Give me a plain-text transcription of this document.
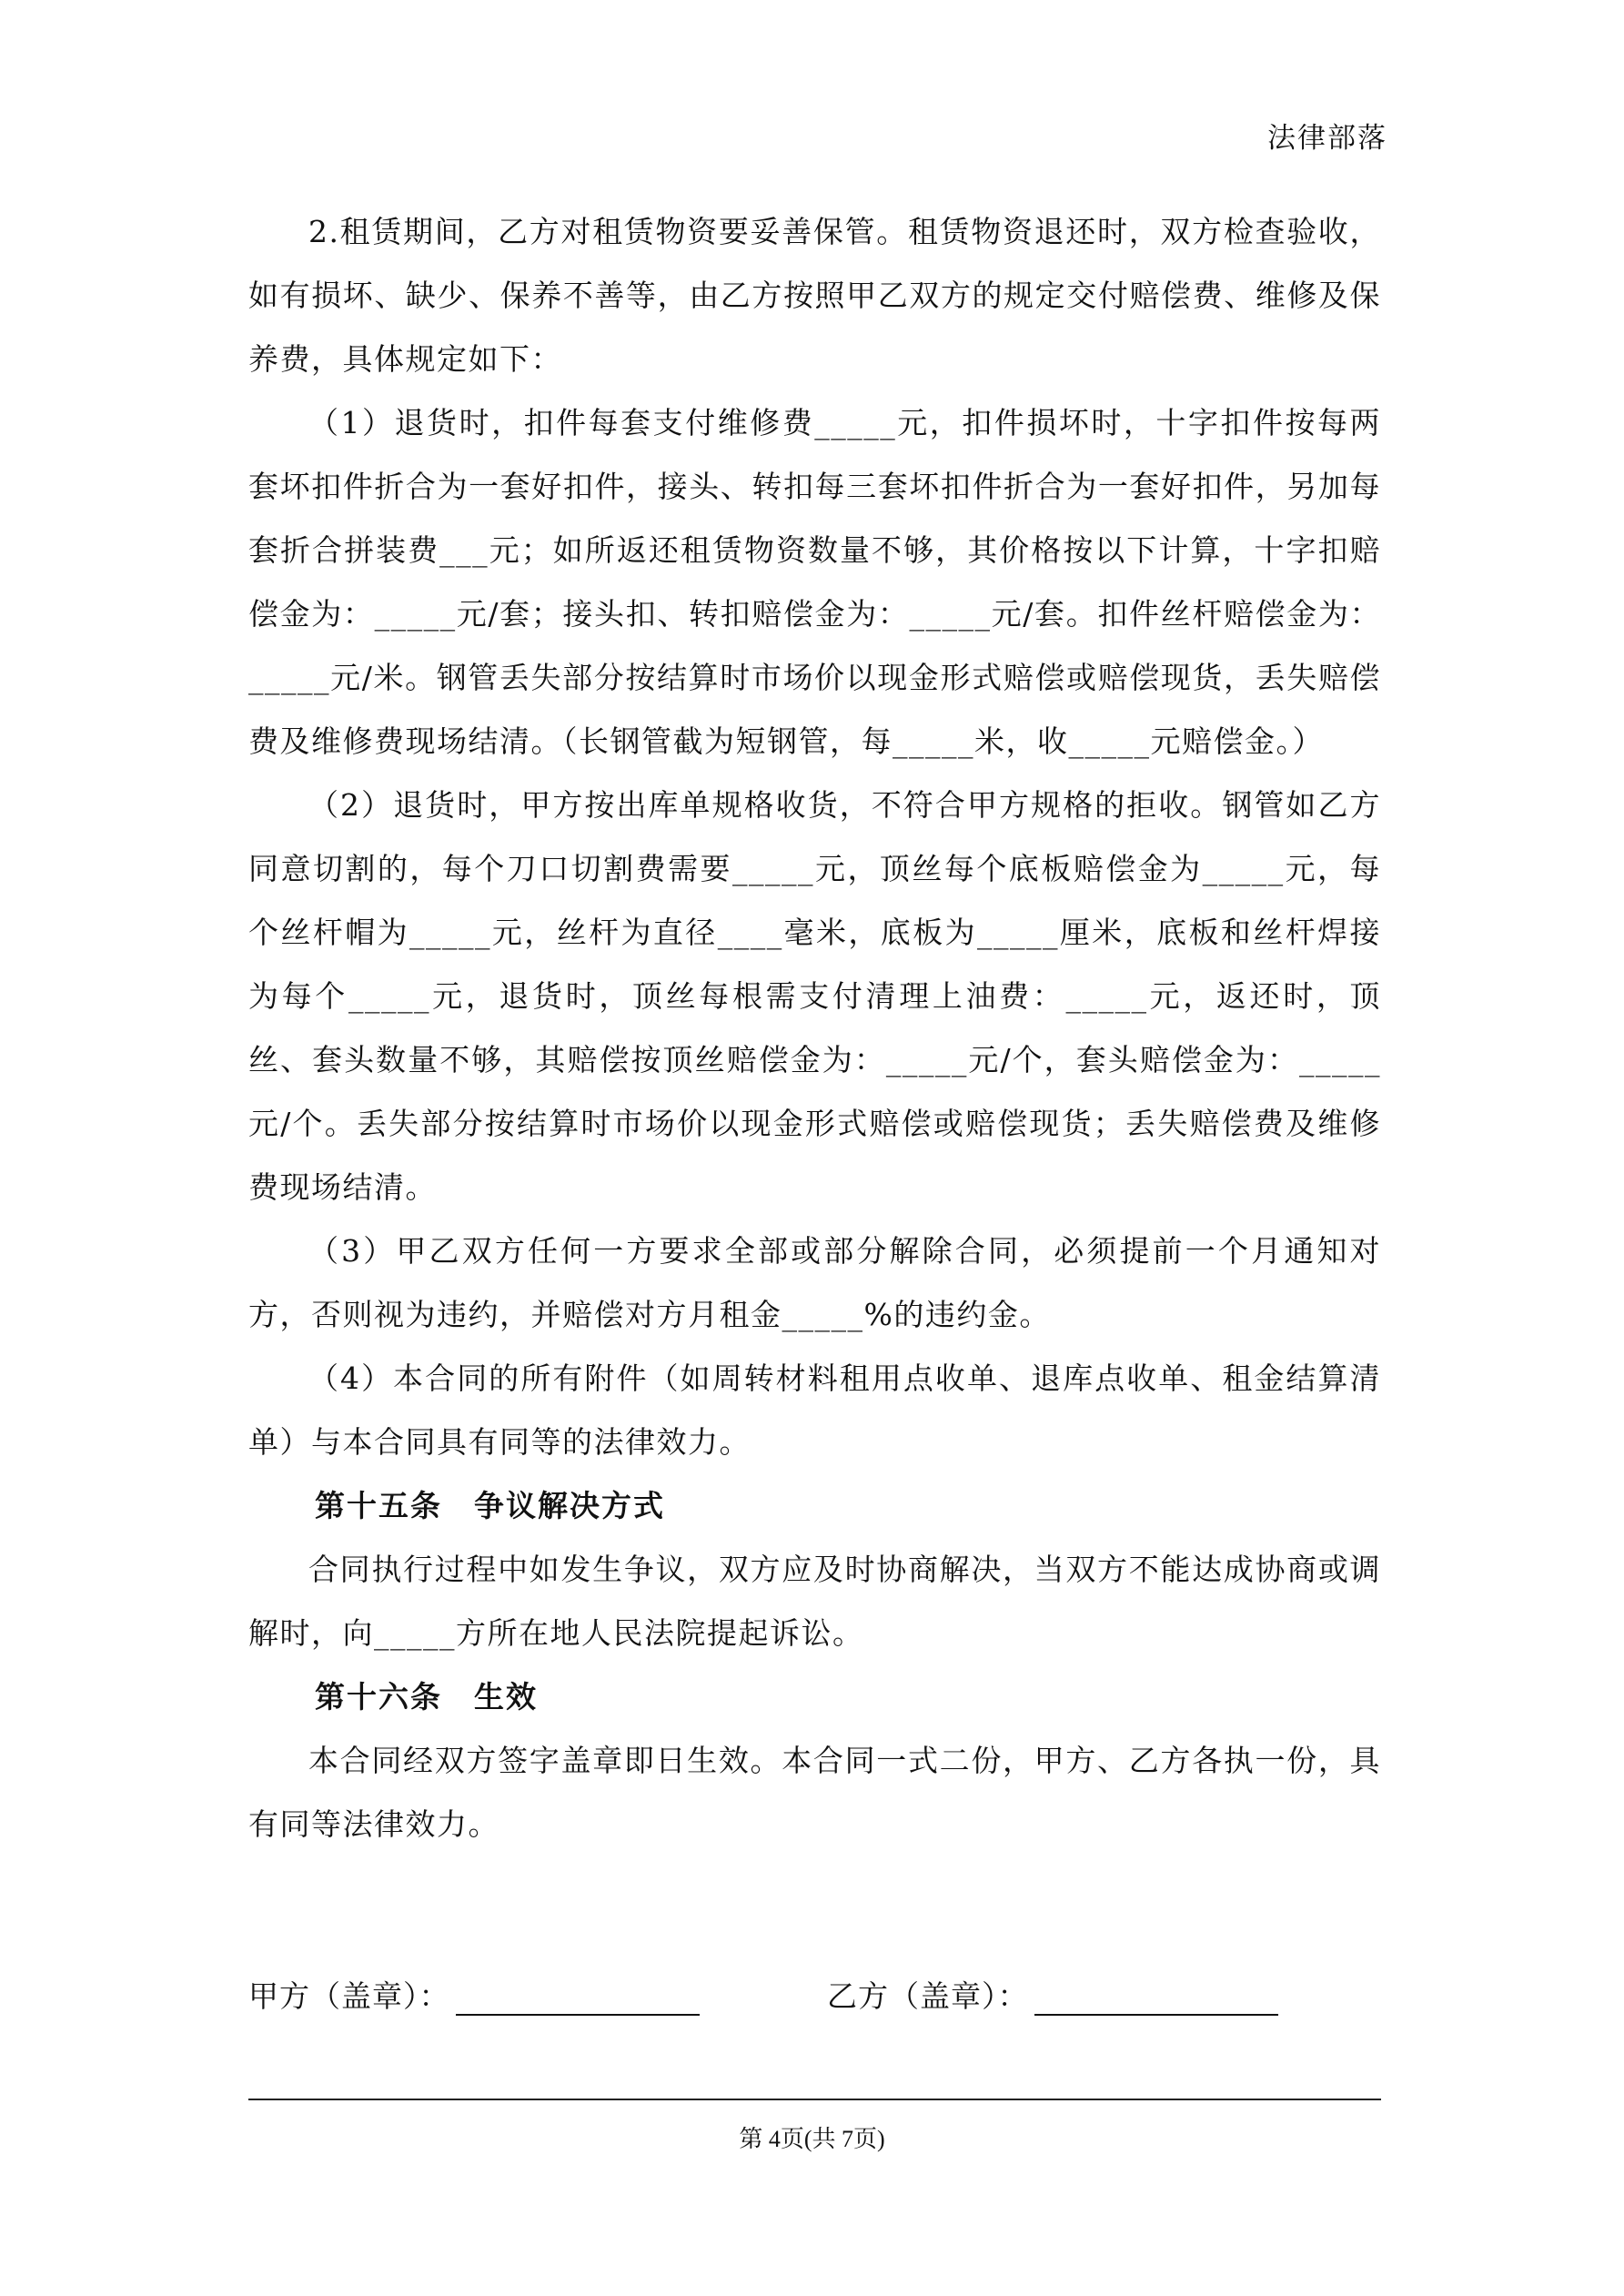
法律部落

2.租赁期间，乙方对租赁物资要妥善保管。租赁物资退还时，双方检查验收，如有损坏、缺少、保养不善等，由乙方按照甲乙双方的规定交付赔偿费、维修及保养费，具体规定如下：

（1）退货时，扣件每套支付维修费_____元，扣件损坏时，十字扣件按每两套坏扣件折合为一套好扣件，接头、转扣每三套坏扣件折合为一套好扣件，另加每套折合拼装费___元；如所返还租赁物资数量不够，其价格按以下计算，十字扣赔偿金为：_____元/套；接头扣、转扣赔偿金为：_____元/套。扣件丝杆赔偿金为：_____元/米。钢管丢失部分按结算时市场价以现金形式赔偿或赔偿现货，丢失赔偿费及维修费现场结清。（长钢管截为短钢管，每_____米，收_____元赔偿金。）

（2）退货时，甲方按出库单规格收货，不符合甲方规格的拒收。钢管如乙方同意切割的，每个刀口切割费需要_____元，顶丝每个底板赔偿金为_____元，每个丝杆帽为_____元，丝杆为直径____毫米，底板为_____厘米，底板和丝杆焊接为每个_____元，退货时，顶丝每根需支付清理上油费：_____元，返还时，顶丝、套头数量不够，其赔偿按顶丝赔偿金为：_____元/个，套头赔偿金为：_____元/个。丢失部分按结算时市场价以现金形式赔偿或赔偿现货；丢失赔偿费及维修费现场结清。

（3）甲乙双方任何一方要求全部或部分解除合同，必须提前一个月通知对方，否则视为违约，并赔偿对方月租金_____%的违约金。

（4）本合同的所有附件（如周转材料租用点收单、退库点收单、租金结算清单）与本合同具有同等的法律效力。

第十五条　争议解决方式

合同执行过程中如发生争议，双方应及时协商解决，当双方不能达成协商或调解时，向_____方所在地人民法院提起诉讼。

第十六条　生效

本合同经双方签字盖章即日生效。本合同一式二份，甲方、乙方各执一份，具有同等法律效力。

甲方（盖章）：	乙方（盖章）：
第 4页(共 7页)
